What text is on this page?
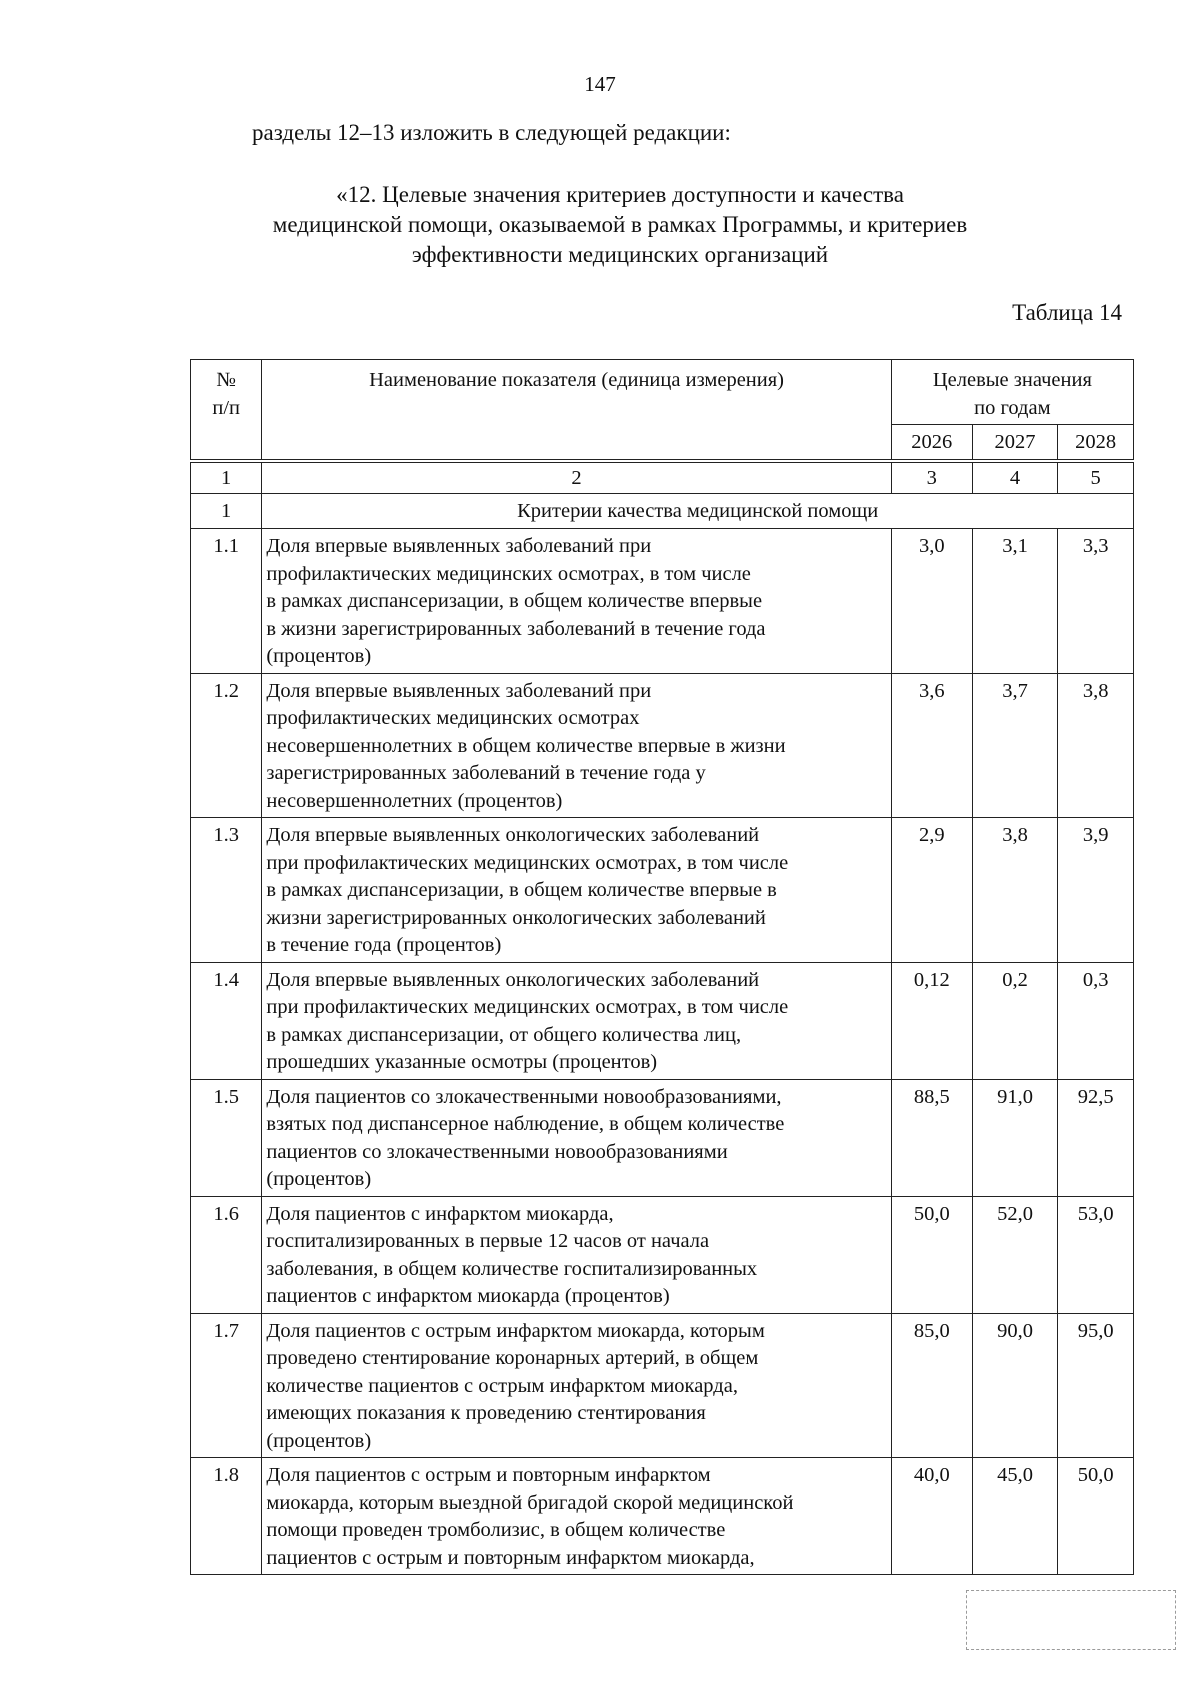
147
разделы 12–13 изложить в следующей редакции:
«12. Целевые значения критериев доступности и качества
медицинской помощи, оказываемой в рамках Программы, и критериев
эффективности медицинских организаций
Таблица 14
№
п/п	Наименование показателя (единица измерения)	Целевые значения
по годам		
		2026	2027	2028
1	2	3	4	5
1	Критерии качества медицинской помощи			
1.1	Доля впервые выявленных заболеваний при
профилактических медицинских осмотрах, в том числе
в рамках диспансеризации, в общем количестве впервые
в жизни зарегистрированных заболеваний в течение года
(процентов)	3,0	3,1	3,3
1.2	Доля впервые выявленных заболеваний при
профилактических медицинских осмотрах
несовершеннолетних в общем количестве впервые в жизни
зарегистрированных заболеваний в течение года у
несовершеннолетних (процентов)	3,6	3,7	3,8
1.3	Доля впервые выявленных онкологических заболеваний
при профилактических медицинских осмотрах, в том числе
в рамках диспансеризации, в общем количестве впервые в
жизни зарегистрированных онкологических заболеваний
в течение года (процентов)	2,9	3,8	3,9
1.4	Доля впервые выявленных онкологических заболеваний
при профилактических медицинских осмотрах, в том числе
в рамках диспансеризации, от общего количества лиц,
прошедших указанные осмотры (процентов)	0,12	0,2	0,3
1.5	Доля пациентов со злокачественными новообразованиями,
взятых под диспансерное наблюдение, в общем количестве
пациентов со злокачественными новообразованиями
(процентов)	88,5	91,0	92,5
1.6	Доля пациентов с инфарктом миокарда,
госпитализированных в первые 12 часов от начала
заболевания, в общем количестве госпитализированных
пациентов с инфарктом миокарда (процентов)	50,0	52,0	53,0
1.7	Доля пациентов с острым инфарктом миокарда, которым
проведено стентирование коронарных артерий, в общем
количестве пациентов с острым инфарктом миокарда,
имеющих показания к проведению стентирования
(процентов)	85,0	90,0	95,0
1.8	Доля пациентов с острым и повторным инфарктом
миокарда, которым выездной бригадой скорой медицинской
помощи проведен тромболизис, в общем количестве
пациентов с острым и повторным инфарктом миокарда,	40,0	45,0	50,0
